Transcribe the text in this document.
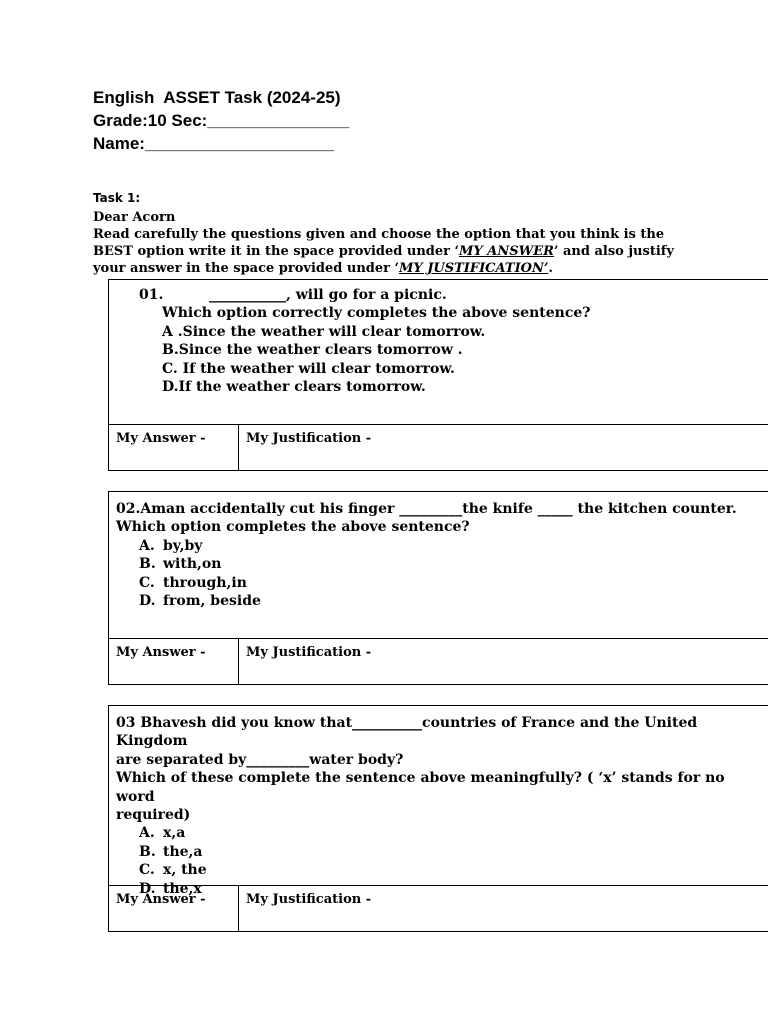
English  ASSET Task (2024-25)
Grade:10 Sec:_______________
Name:____________________
Task 1:
Dear Acorn
Read carefully the questions given and choose the option that you think is the
BEST option write it in the space provided under ‘MY ANSWER’ and also justify
your answer in the space provided under ‘MY JUSTIFICATION’.
01.	___________, will go for a picnic.
Which option correctly completes the above sentence?
A .Since the weather will clear tomorrow.
B.Since the weather clears tomorrow .
C. If the weather will clear tomorrow.
D.If the weather clears tomorrow.
My Answer -	My Justification -
02.Aman accidentally cut his finger _________the knife _____ the kitchen counter.
Which option completes the above sentence?
A. by,by
B. with,on
C. through,in
D. from, beside
My Answer -	My Justification -
03 Bhavesh did you know that__________countries of France and the United Kingdom
are separated by_________water body?
Which of these complete the sentence above meaningfully? ( ‘x’ stands for no word
required)
A. x,a
B. the,a
C. x, the
D. the,x
My Answer -	My Justification -
